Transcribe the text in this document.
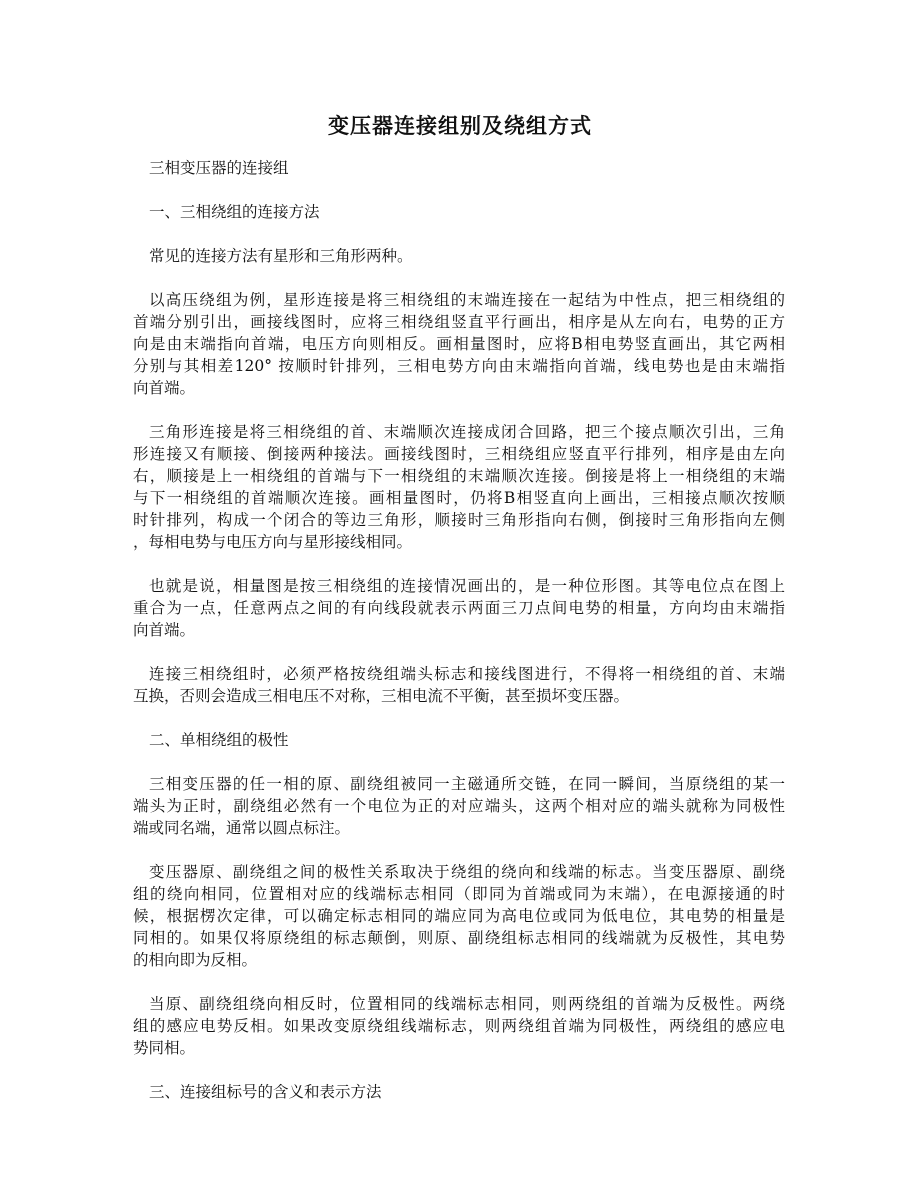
变压器连接组别及绕组方式
三相变压器的连接组
一、三相绕组的连接方法
常见的连接方法有星形和三角形两种。
以高压绕组为例，星形连接是将三相绕组的末端连接在一起结为中性点，把三相绕组的
首端分别引出，画接线图时，应将三相绕组竖直平行画出，相序是从左向右，电势的正方
向是由末端指向首端，电压方向则相反。画相量图时，应将B相电势竖直画出，其它两相
分别与其相差120° 按顺时针排列，三相电势方向由末端指向首端，线电势也是由末端指
向首端。
三角形连接是将三相绕组的首、末端顺次连接成闭合回路，把三个接点顺次引出，三角
形连接又有顺接、倒接两种接法。画接线图时，三相绕组应竖直平行排列，相序是由左向
右，顺接是上一相绕组的首端与下一相绕组的末端顺次连接。倒接是将上一相绕组的末端
与下一相绕组的首端顺次连接。画相量图时，仍将B相竖直向上画出，三相接点顺次按顺
时针排列，构成一个闭合的等边三角形，顺接时三角形指向右侧，倒接时三角形指向左侧
，每相电势与电压方向与星形接线相同。
也就是说，相量图是按三相绕组的连接情况画出的，是一种位形图。其等电位点在图上
重合为一点，任意两点之间的有向线段就表示两面三刀点间电势的相量，方向均由末端指
向首端。
连接三相绕组时，必须严格按绕组端头标志和接线图进行，不得将一相绕组的首、末端
互换，否则会造成三相电压不对称，三相电流不平衡，甚至损坏变压器。
二、单相绕组的极性
三相变压器的任一相的原、副绕组被同一主磁通所交链，在同一瞬间，当原绕组的某一
端头为正时，副绕组必然有一个电位为正的对应端头，这两个相对应的端头就称为同极性
端或同名端，通常以圆点标注。
变压器原、副绕组之间的极性关系取决于绕组的绕向和线端的标志。当变压器原、副绕
组的绕向相同，位置相对应的线端标志相同（即同为首端或同为末端），在电源接通的时
候，根据楞次定律，可以确定标志相同的端应同为高电位或同为低电位，其电势的相量是
同相的。如果仅将原绕组的标志颠倒，则原、副绕组标志相同的线端就为反极性，其电势
的相向即为反相。
当原、副绕组绕向相反时，位置相同的线端标志相同，则两绕组的首端为反极性。两绕
组的感应电势反相。如果改变原绕组线端标志，则两绕组首端为同极性，两绕组的感应电
势同相。
三、连接组标号的含义和表示方法
